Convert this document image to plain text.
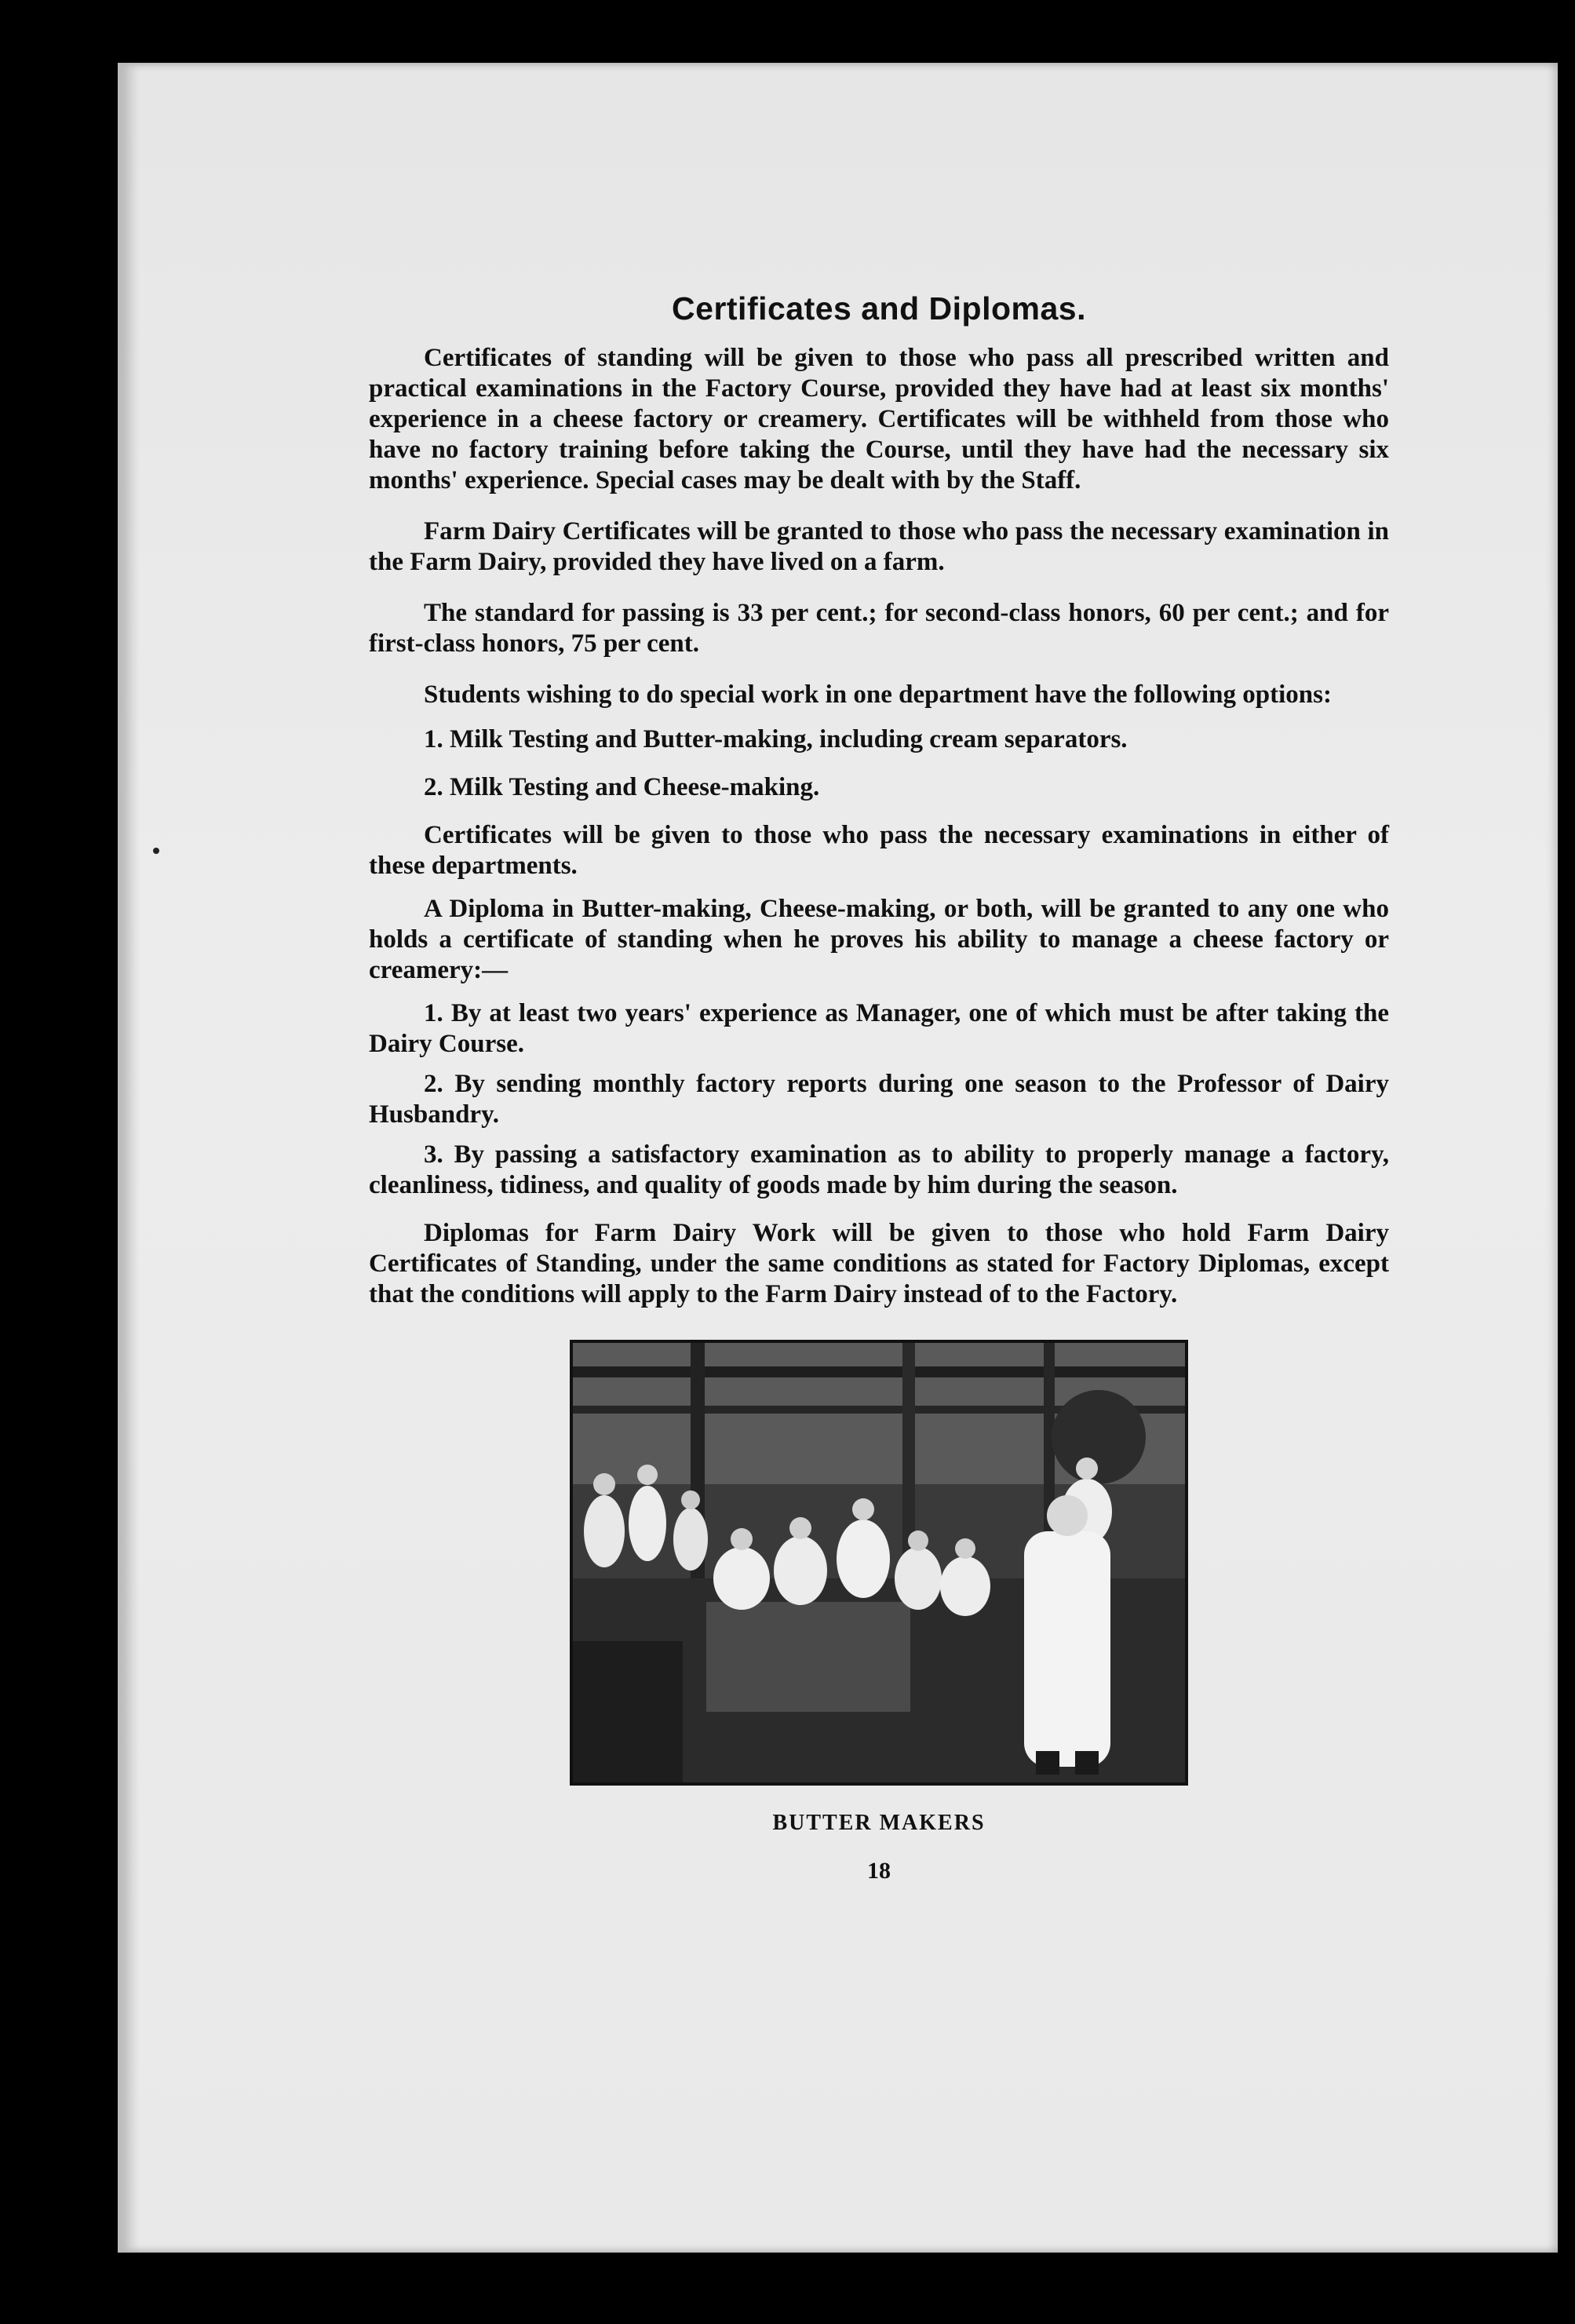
Certificates and Diplomas.

Certificates of standing will be given to those who pass all prescribed written and practical examinations in the Factory Course, provided they have had at least six months' experience in a cheese factory or creamery. Certificates will be withheld from those who have no factory training before taking the Course, until they have had the necessary six months' experience. Special cases may be dealt with by the Staff.

Farm Dairy Certificates will be granted to those who pass the necessary examination in the Farm Dairy, provided they have lived on a farm.

The standard for passing is 33 per cent.; for second-class honors, 60 per cent.; and for first-class honors, 75 per cent.

Students wishing to do special work in one department have the following options:

1. Milk Testing and Butter-making, including cream separators.

2. Milk Testing and Cheese-making.

Certificates will be given to those who pass the necessary examinations in either of these departments.

A Diploma in Butter-making, Cheese-making, or both, will be granted to any one who holds a certificate of standing when he proves his ability to manage a cheese factory or creamery:—

1. By at least two years' experience as Manager, one of which must be after taking the Dairy Course.

2. By sending monthly factory reports during one season to the Professor of Dairy Husbandry.

3. By passing a satisfactory examination as to ability to properly manage a factory, cleanliness, tidiness, and quality of goods made by him during the season.

Diplomas for Farm Dairy Work will be given to those who hold Farm Dairy Certificates of Standing, under the same conditions as stated for Factory Diplomas, except that the conditions will apply to the Farm Dairy instead of to the Factory.

BUTTER MAKERS
18
